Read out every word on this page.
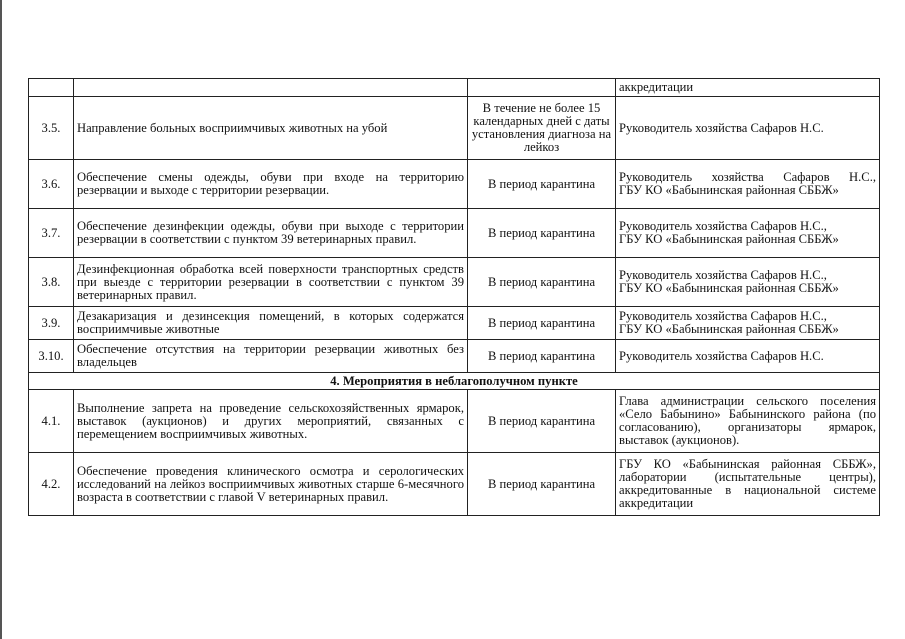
			аккредитации
3.5.	Направление больных восприимчивых животных на убой	В течение не более 15 календарных дней с даты установления диагноза на лейкоз	Руководитель хозяйства Сафаров Н.С.
3.6.	Обеспечение смены одежды, обуви при входе на территорию резервации и выходе с территории резервации.	В период карантина	Руководитель хозяйства Сафаров Н.С.,
ГБУ КО «Бабынинская районная СББЖ»

3.7.	Обеспечение дезинфекции одежды, обуви при выходе с территории резервации в соответствии с пунктом 39 ветеринарных правил.	В период карантина	Руководитель хозяйства Сафаров Н.С.,
ГБУ КО «Бабынинская районная СББЖ»

3.8.	Дезинфекционная обработка всей поверхности транспортных средств при выезде с территории резервации в соответствии с пунктом 39 ветеринарных правил.	В период карантина	Руководитель хозяйства Сафаров Н.С.,
ГБУ КО «Бабынинская районная СББЖ»

3.9.	Дезакаризация и дезинсекция помещений, в которых содержатся восприимчивые животные	В период карантина	Руководитель хозяйства Сафаров Н.С.,
ГБУ КО «Бабынинская районная СББЖ»

3.10.	Обеспечение отсутствия на территории резервации животных без владельцев	В период карантина	Руководитель хозяйства Сафаров Н.С.
4. Мероприятия в неблагополучном пункте			
4.1.	Выполнение запрета на проведение сельскохозяйственных ярмарок, выставок (аукционов) и других мероприятий, связанных с перемещением восприимчивых животных.	В период карантина	Глава администрации сельского поселения «Село Бабынино» Бабынинского района (по согласованию), организаторы ярмарок, выставок (аукционов).
4.2.	Обеспечение проведения клинического осмотра и серологических исследований на лейкоз восприимчивых животных старше 6-месячного возраста в соответствии с главой V ветеринарных правил.	В период карантина	ГБУ КО «Бабынинская районная СББЖ», лаборатории (испытательные центры), аккредитованные в национальной системе аккредитации
